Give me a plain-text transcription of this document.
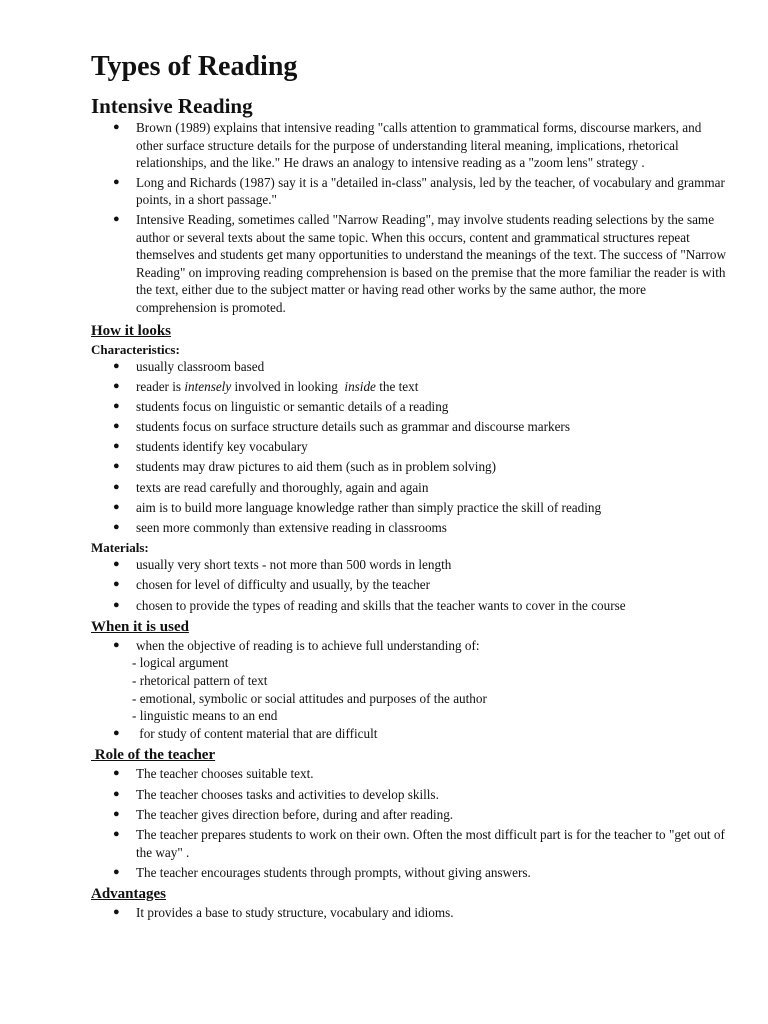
Types of Reading
Intensive Reading
● Brown (1989) explains that intensive reading "calls attention to grammatical forms, discourse markers, and other surface structure details for the purpose of understanding literal meaning, implications, rhetorical relationships, and the like." He draws an analogy to intensive reading as a "zoom lens" strategy .
● Long and Richards (1987) say it is a "detailed in-class" analysis, led by the teacher, of vocabulary and grammar points, in a short passage."
● Intensive Reading, sometimes called "Narrow Reading", may involve students reading selections by the same author or several texts about the same topic. When this occurs, content and grammatical structures repeat themselves and students get many opportunities to understand the meanings of the text. The success of "Narrow Reading" on improving reading comprehension is based on the premise that the more familiar the reader is with the text, either due to the subject matter or having read other works by the same author, the more comprehension is promoted.

How it looks

Characteristics:

● usually classroom based
● reader is intensely involved in looking  inside the text
● students focus on linguistic or semantic details of a reading
● students focus on surface structure details such as grammar and discourse markers
● students identify key vocabulary
● students may draw pictures to aid them (such as in problem solving)
● texts are read carefully and thoroughly, again and again
● aim is to build more language knowledge rather than simply practice the skill of reading
● seen more commonly than extensive reading in classrooms

Materials:

● usually very short texts - not more than 500 words in length
● chosen for level of difficulty and usually, by the teacher
● chosen to provide the types of reading and skills that the teacher wants to cover in the course

When it is used

● when the objective of reading is to achieve full understanding of:
- logical argument
- rhetorical pattern of text
- emotional, symbolic or social attitudes and purposes of the author
- linguistic means to an end
● for study of content material that are difficult

Role of the teacher

● The teacher chooses suitable text.
● The teacher chooses tasks and activities to develop skills.
● The teacher gives direction before, during and after reading.
● The teacher prepares students to work on their own. Often the most difficult part is for the teacher to "get out of the way" .
● The teacher encourages students through prompts, without giving answers.

Advantages

● It provides a base to study structure, vocabulary and idioms.
